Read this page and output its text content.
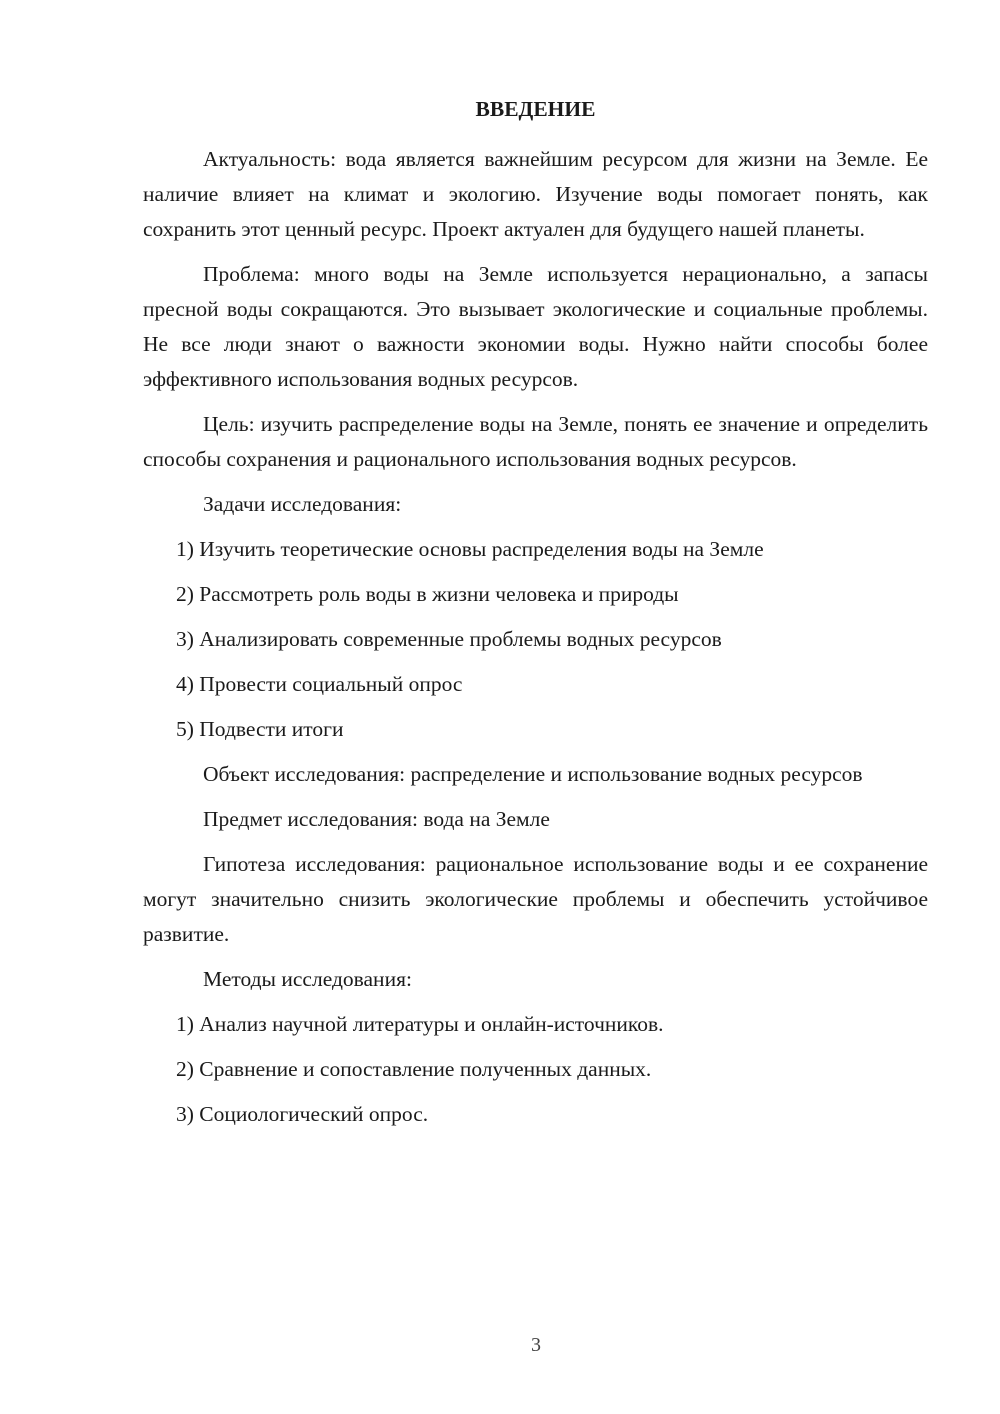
ВВЕДЕНИЕ

Актуальность: вода является важнейшим ресурсом для жизни на Земле. Ее наличие влияет на климат и экологию. Изучение воды помогает понять, как сохранить этот ценный ресурс. Проект актуален для будущего нашей планеты.

Проблема: много воды на Земле используется нерационально, а запасы пресной воды сокращаются. Это вызывает экологические и социальные проблемы. Не все люди знают о важности экономии воды. Нужно найти способы более эффективного использования водных ресурсов.

Цель: изучить распределение воды на Земле, понять ее значение и определить способы сохранения и рационального использования водных ресурсов.

Задачи исследования:

1) Изучить теоретические основы распределения воды на Земле

2) Рассмотреть роль воды в жизни человека и природы

3) Анализировать современные проблемы водных ресурсов

4) Провести социальный опрос

5) Подвести итоги

Объект исследования: распределение и использование водных ресурсов

Предмет исследования: вода на Земле

Гипотеза исследования: рациональное использование воды и ее сохранение могут значительно снизить экологические проблемы и обеспечить устойчивое развитие.

Методы исследования:

1) Анализ научной литературы и онлайн-источников.

2) Сравнение и сопоставление полученных данных.

3) Социологический опрос.

3
